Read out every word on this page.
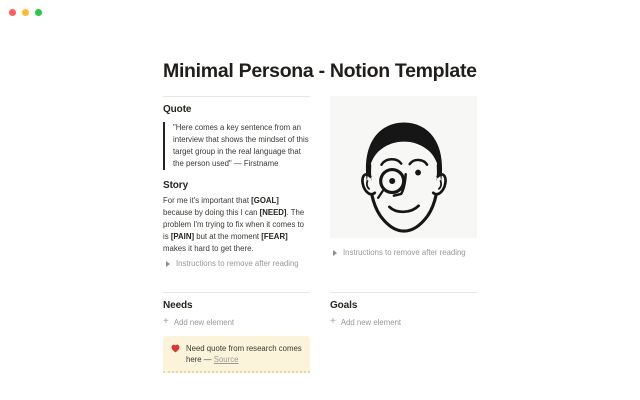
Minimal Persona - Notion Template
Quote
"Here comes a key sentence from an interview that shows the mindset of this target group in the real language that the person used" — Firstname
Story

For me it's important that [GOAL] because by doing this I can [NEED]. The problem I'm trying to fix when it comes to is [PAIN] but at the moment [FEAR] makes it hard to get there.

Instructions to remove after reading
Instructions to remove after reading
Needs
+ Add new element
Need quote from research comes here — Source
Goals
+ Add new element
